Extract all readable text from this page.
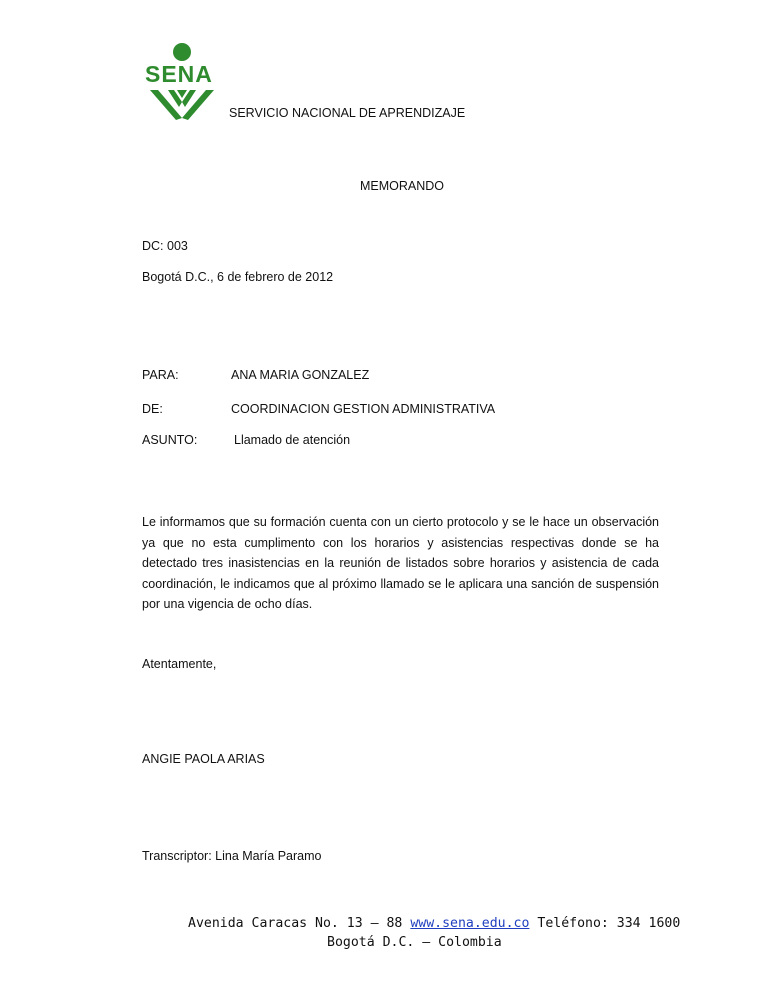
SENA
SERVICIO NACIONAL DE APRENDIZAJE
MEMORANDO
DC: 003
Bogotá D.C., 6 de febrero de 2012
PARA:	ANA MARIA GONZALEZ
DE:	COORDINACION GESTION ADMINISTRATIVA
ASUNTO:	Llamado de atención
Le informamos que su formación cuenta con un cierto protocolo y se le hace un observación ya que no esta cumplimento con los horarios y asistencias respectivas donde se ha detectado tres inasistencias en la reunión de listados sobre horarios y asistencia de cada coordinación, le indicamos que al próximo llamado se le aplicara una sanción de suspensión por una vigencia de ocho días.
Atentamente,
ANGIE PAOLA ARIAS
Transcriptor: Lina María Paramo
Avenida Caracas No. 13 – 88 www.sena.edu.co Teléfono: 334 1600
Bogotá D.C. – Colombia
